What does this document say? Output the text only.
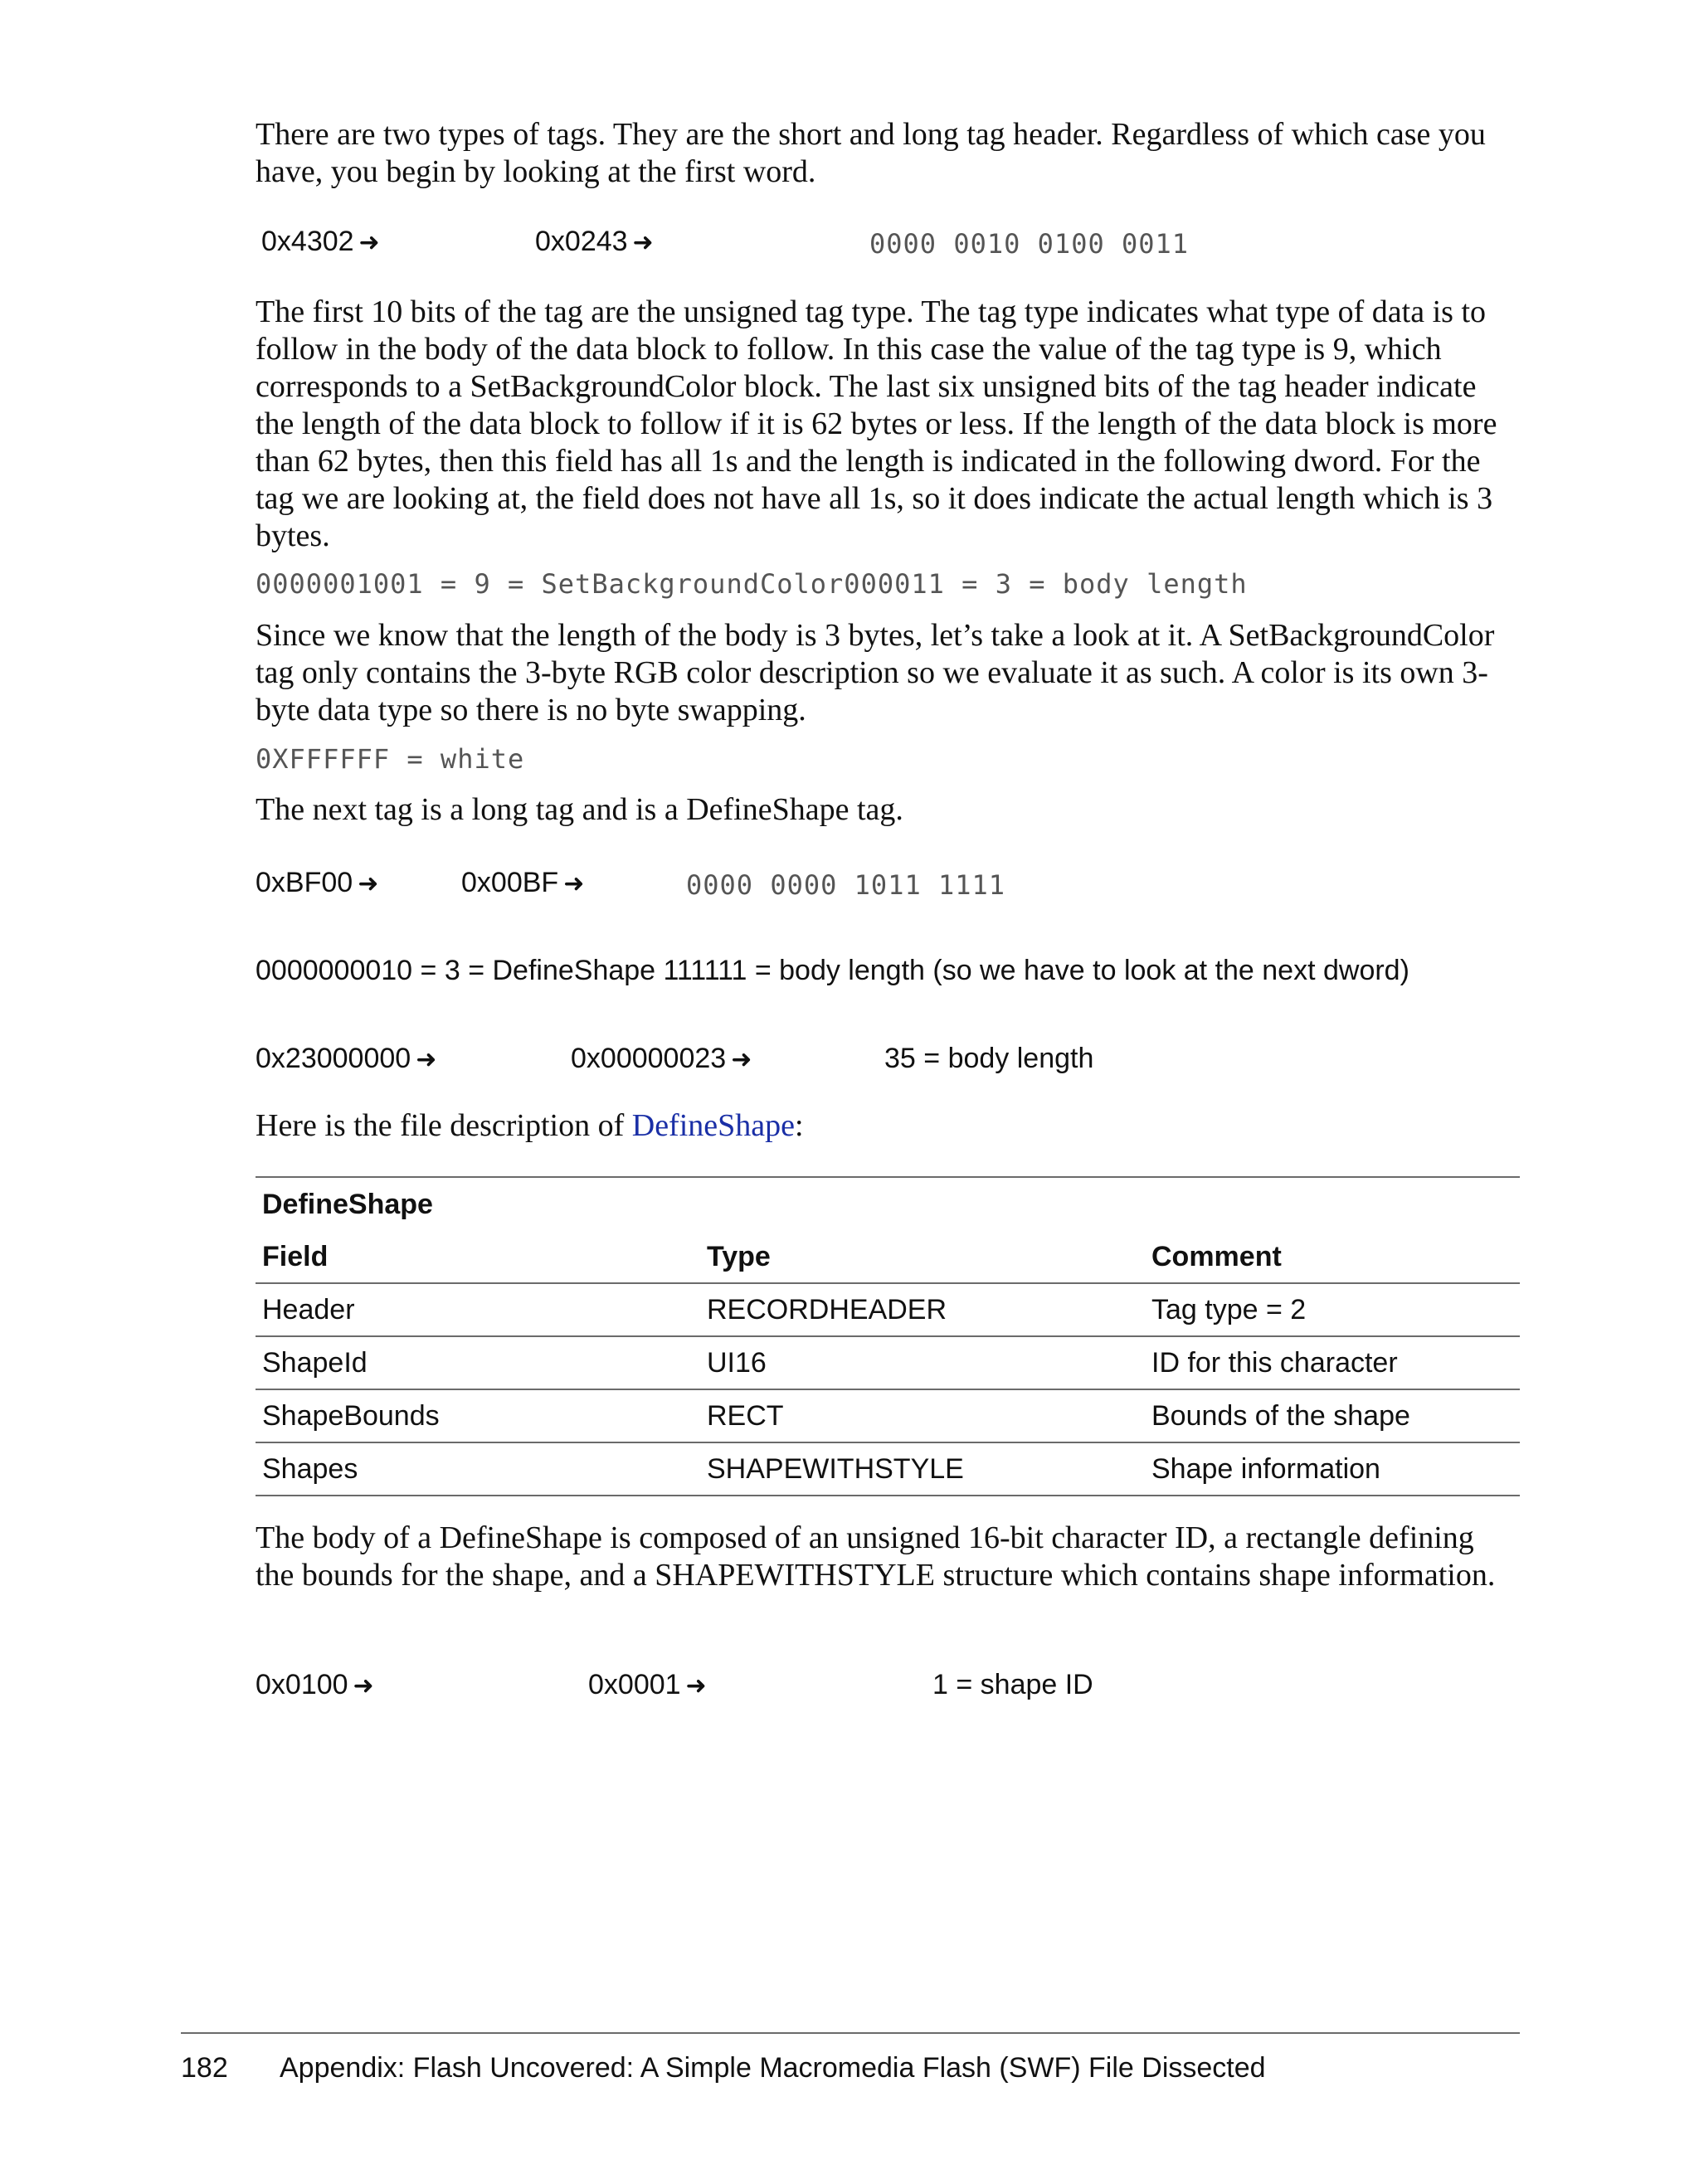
There are two types of tags. They are the short and long tag header. Regardless of which case you have, you begin by looking at the first word.

0x4302 ➜	0x0243 ➜	0000 0010 0100 0011

The first 10 bits of the tag are the unsigned tag type. The tag type indicates what type of data is to follow in the body of the data block to follow. In this case the value of the tag type is 9, which corresponds to a SetBackgroundColor block. The last six unsigned bits of the tag header indicate the length of the data block to follow if it is 62 bytes or less. If the length of the data block is more than 62 bytes, then this field has all 1s and the length is indicated in the following dword. For the tag we are looking at, the field does not have all 1s, so it does indicate the actual length which is 3 bytes.

0000001001 = 9 = SetBackgroundColor000011 = 3 = body length

Since we know that the length of the body is 3 bytes, let’s take a look at it. A SetBackgroundColor tag only contains the 3-byte RGB color description so we evaluate it as such. A color is its own 3-byte data type so there is no byte swapping.

0XFFFFFF = white

The next tag is a long tag and is a DefineShape tag.

0xBF00 ➜	0x00BF ➜	0000 0000 1011 1111
0000000010 = 3 = DefineShape 111111 = body length (so we have to look at the next dword)
0x23000000 ➜	0x00000023 ➜	35 = body length

Here is the file description of DefineShape:

DefineShape
Field	Type	Comment
Header	RECORDHEADER	Tag type = 2
ShapeId	UI16	ID for this character
ShapeBounds	RECT	Bounds of the shape
Shapes	SHAPEWITHSTYLE	Shape information

The body of a DefineShape is composed of an unsigned 16-bit character ID, a rectangle defining the bounds for the shape, and a SHAPEWITHSTYLE structure which contains shape information.

0x0100 ➜	0x0001 ➜	1 = shape ID
182 Appendix: Flash Uncovered: A Simple Macromedia Flash (SWF) File Dissected
